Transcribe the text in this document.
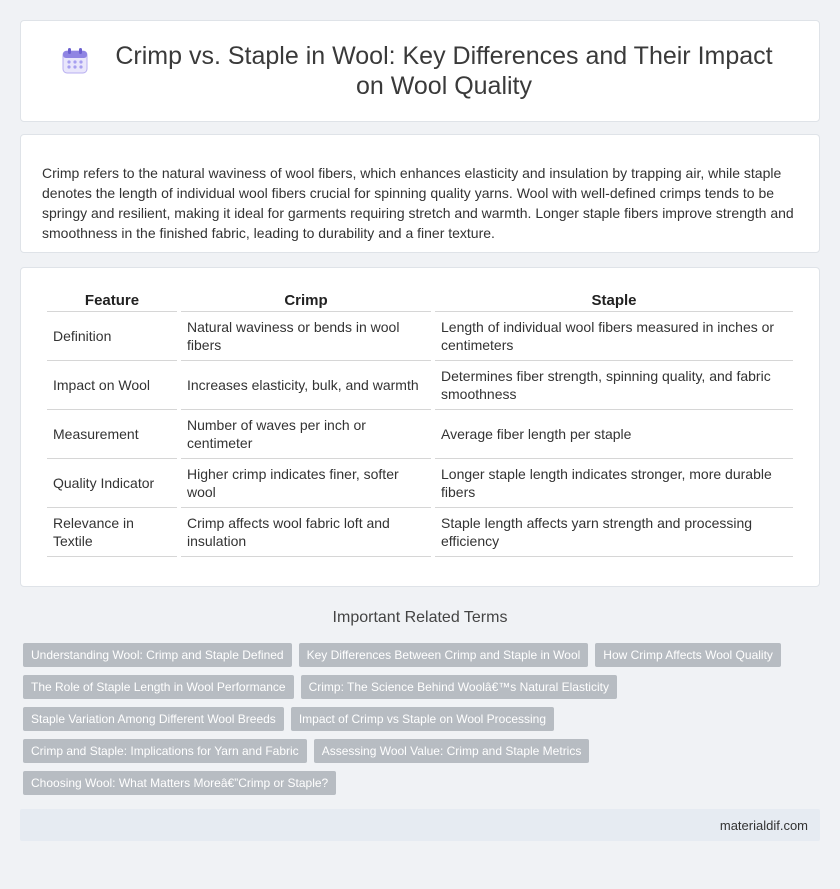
Crimp vs. Staple in Wool: Key Differences and Their Impact on Wool Quality

Crimp refers to the natural waviness of wool fibers, which enhances elasticity and insulation by trapping air, while staple denotes the length of individual wool fibers crucial for spinning quality yarns. Wool with well-defined crimps tends to be springy and resilient, making it ideal for garments requiring stretch and warmth. Longer staple fibers improve strength and smoothness in the finished fabric, leading to durability and a finer texture.

Feature	Crimp	Staple
Definition	Natural waviness or bends in wool fibers	Length of individual wool fibers measured in inches or centimeters
Impact on Wool	Increases elasticity, bulk, and warmth	Determines fiber strength, spinning quality, and fabric smoothness
Measurement	Number of waves per inch or centimeter	Average fiber length per staple
Quality Indicator	Higher crimp indicates finer, softer wool	Longer staple length indicates stronger, more durable fibers
Relevance in Textile	Crimp affects wool fabric loft and insulation	Staple length affects yarn strength and processing efficiency
Important Related Terms
Understanding Wool: Crimp and Staple Defined	Key Differences Between Crimp and Staple in Wool	How Crimp Affects Wool Quality
The Role of Staple Length in Wool Performance	Crimp: The Science Behind Woolâ€™s Natural Elasticity
Staple Variation Among Different Wool Breeds	Impact of Crimp vs Staple on Wool Processing
Crimp and Staple: Implications for Yarn and Fabric	Assessing Wool Value: Crimp and Staple Metrics
Choosing Wool: What Matters Moreâ€”Crimp or Staple?
materialdif.com
